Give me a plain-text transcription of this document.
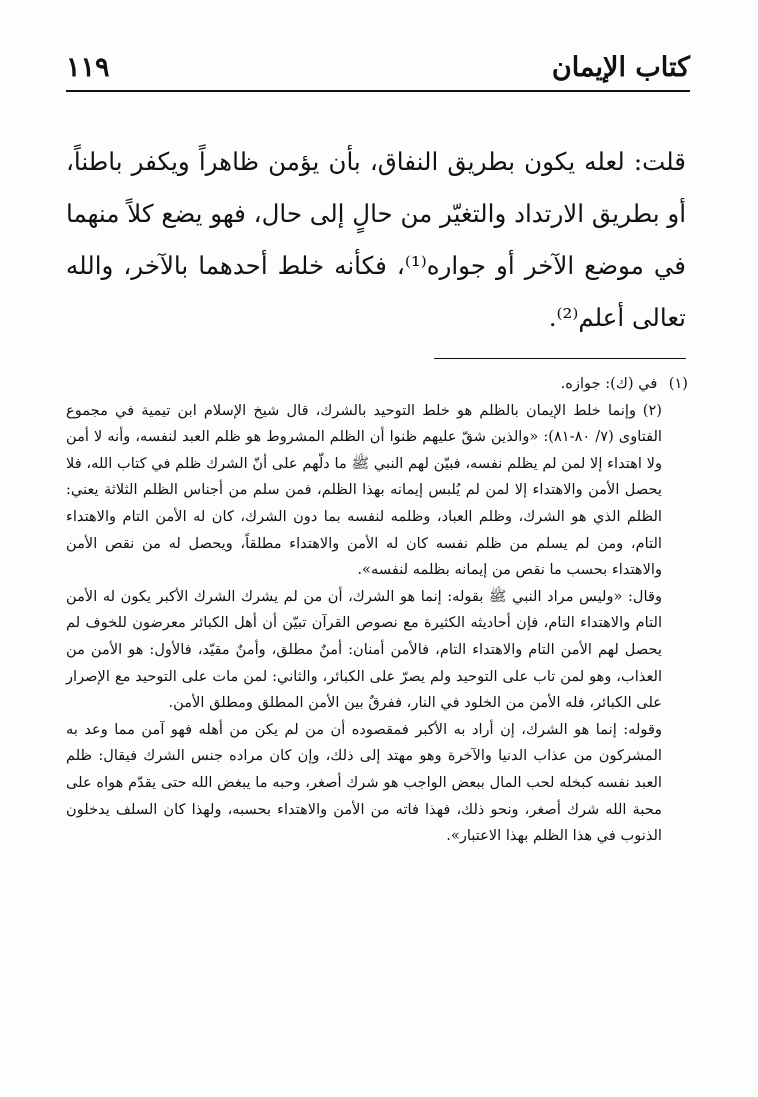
كتاب الإيمان
١١٩

قلت: لعله يكون بطريق النفاق، بأن يؤمن ظاهراً ويكفر باطناً، أو بطريق الارتداد والتغيّر من حالٍ إلى حال، فهو يضع كلاً منهما في موضع الآخر أو جواره⁽¹⁾، فكأنه خلط أحدهما بالآخر، والله تعالى أعلم⁽²⁾.

(١) في (ك): جوازه.

(٢)وإنما خلط الإيمان بالظلم هو خلط التوحيد بالشرك، قال شيخ الإسلام ابن تيمية في مجموع الفتاوى (٧/ ٨٠-٨١): «والذين شقّ عليهم ظنوا أن الظلم المشروط هو ظلم العبد لنفسه، وأنه لا أمن ولا اهتداء إلا لمن لم يظلم نفسه، فبيّن لهم النبي ﷺ ما دلّهم على أنّ الشرك ظلم في كتاب الله، فلا يحصل الأمن والاهتداء إلا لمن لم يُلبس إيمانه بهذا الظلم، فمن سلم من أجناس الظلم الثلاثة يعني: الظلم الذي هو الشرك، وظلم العباد، وظلمه لنفسه بما دون الشرك، كان له الأمن التام والاهتداء التام، ومن لم يسلم من ظلم نفسه كان له الأمن والاهتداء مطلقاً، ويحصل له من نقص الأمن والاهتداء بحسب ما نقص من إيمانه بظلمه لنفسه».

وقال: «وليس مراد النبي ﷺ بقوله: إنما هو الشرك، أن من لم يشرك الشرك الأكبر يكون له الأمن التام والاهتداء التام، فإن أحاديثه الكثيرة مع نصوص القرآن تبيّن أن أهل الكبائر معرضون للخوف لم يحصل لهم الأمن التام والاهتداء التام، فالأمن أمنان: أمنٌ مطلق، وأمنٌ مقيّد، فالأول: هو الأمن من العذاب، وهو لمن تاب على التوحيد ولم يصرّ على الكبائر، والثاني: لمن مات على التوحيد مع الإصرار على الكبائر، فله الأمن من الخلود في النار، ففرقٌ بين الأمن المطلق ومطلق الأمن.

وقوله: إنما هو الشرك، إن أراد به الأكبر فمقصوده أن من لم يكن من أهله فهو آمن مما وعد به المشركون من عذاب الدنيا والآخرة وهو مهتد إلى ذلك، وإن كان مراده جنس الشرك فيقال: ظلم العبد نفسه كبخله لحب المال ببعض الواجب هو شرك أصغر، وحبه ما يبغض الله حتى يقدّم هواه على محبة الله شرك أصغر، ونحو ذلك، فهذا فاته من الأمن والاهتداء بحسبه، ولهذا كان السلف يدخلون الذنوب في هذا الظلم بهذا الاعتبار».
